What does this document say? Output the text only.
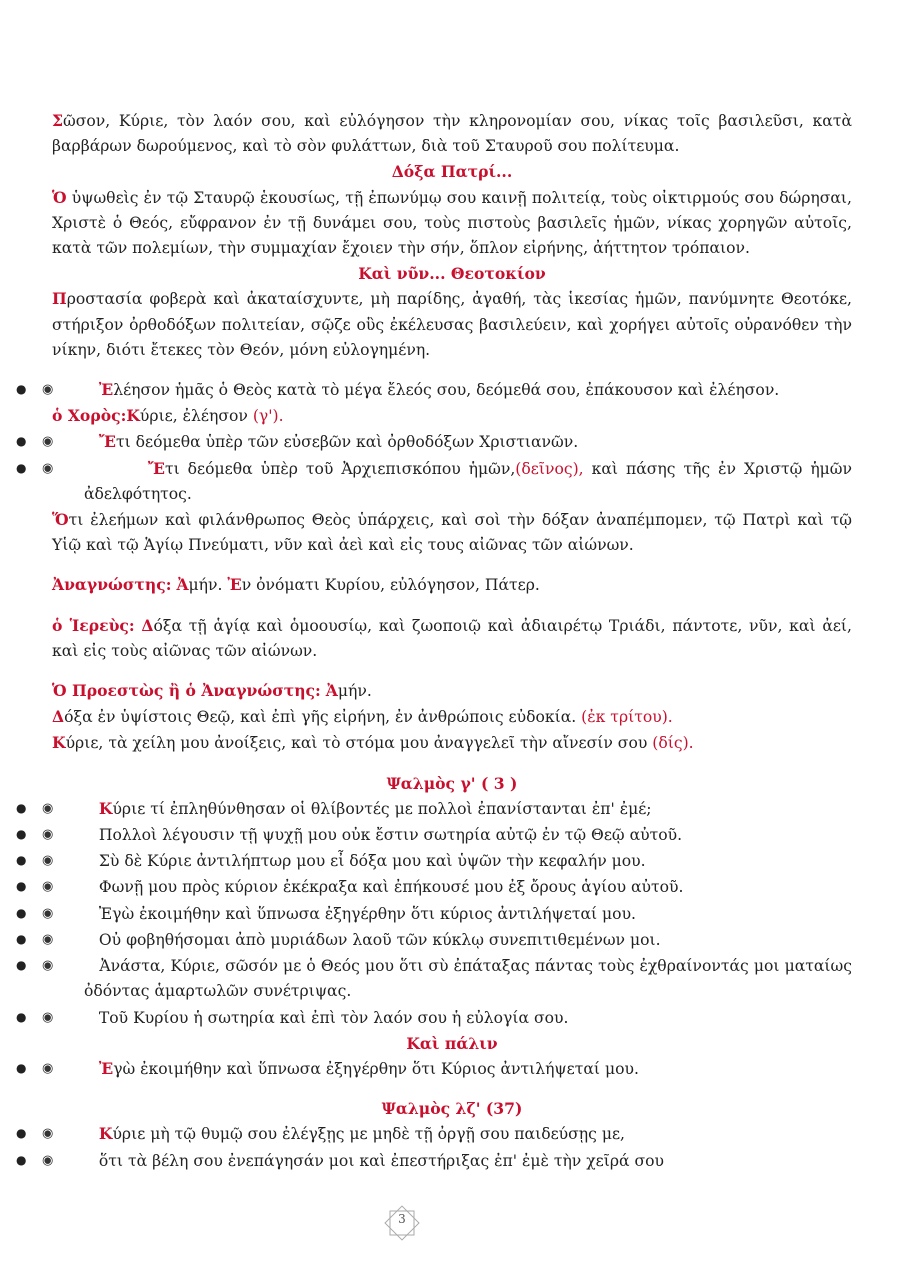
Σῶσον, Κύριε, τὸν λαόν σου, καὶ εὐλόγησον τὴν κληρονομίαν σου, νίκας τοῖς βασιλεῦσι, κατὰ βαρβάρων δωρούμενος, καὶ τὸ σὸν φυλάττων, διὰ τοῦ Σταυροῦ σου πολίτευμα.

Δόξα Πατρί...

Ὁ ὑψωθεὶς ἐν τῷ Σταυρῷ ἑκουσίως, τῇ ἐπωνύμῳ σου καινῇ πολιτείᾳ, τοὺς οἰκτιρμούς σου δώρησαι, Χριστὲ ὁ Θεός, εὔφρανον ἐν τῇ δυνάμει σου, τοὺς πιστοὺς βασιλεῖς ἡμῶν, νίκας χορηγῶν αὐτοῖς, κατὰ τῶν πολεμίων, τὴν συμμαχίαν ἔχοιεν τὴν σήν, ὅπλον εἰρήνης, ἀήττητον τρόπαιον.

Καὶ νῦν... Θεοτοκίον

Προστασία φοβερὰ καὶ ἀκαταίσχυντε, μὴ παρίδης, ἀγαθή, τὰς ἱκεσίας ἡμῶν, πανύμνητε Θεοτόκε, στήριξον ὀρθοδόξων πολιτείαν, σῷζε οὓς ἐκέλευσας βασιλεύειν, καὶ χορήγει αὐτοῖς οὐρανόθεν τὴν νίκην, διότι ἔτεκες τὸν Θεόν, μόνη εὐλογημένη.

● ◉	Ἐλέησον ἡμᾶς ὁ Θεὸς κατὰ τὸ μέγα ἔλεός σου, δεόμεθά σου, ἐπάκουσον καὶ ἐλέησον.

ὁ Χορὸς:Κύριε, ἐλέησον (γ').

● ◉	Ἔτι δεόμεθα ὑπὲρ τῶν εὐσεβῶν καὶ ὀρθοδόξων Χριστιανῶν.

● ◉	Ἔτι δεόμεθα ὑπὲρ τοῦ Ἀρχιεπισκόπου ἡμῶν,(δεῖνος), καὶ πάσης τῆς ἐν Χριστῷ ἡμῶν ἀδελφότητος.

Ὅτι ἐλεήμων καὶ φιλάνθρωπος Θεὸς ὑπάρχεις, καὶ σοὶ τὴν δόξαν ἀναπέμπομεν, τῷ Πατρὶ καὶ τῷ Υἱῷ καὶ τῷ Ἁγίῳ Πνεύματι, νῦν καὶ ἀεὶ καὶ εἰς τους αἰῶνας τῶν αἰώνων.

Ἀναγνώστης: Ἀμήν. Ἐν ὀνόματι Κυρίου, εὐλόγησον, Πάτερ.

ὁ Ἱερεὺς: Δόξα τῇ ἁγίᾳ καὶ ὁμοουσίῳ, καὶ ζωοποιῷ καὶ ἀδιαιρέτῳ Τριάδι, πάντοτε, νῦν, καὶ ἀεί, καὶ εἰς τοὺς αἰῶνας τῶν αἰώνων.

Ὁ Προεστὼς ἢ ὁ Ἀναγνώστης: Ἀμήν.

Δόξα ἐν ὑψίστοις Θεῷ, καὶ ἐπὶ γῆς εἰρήνη, ἐν ἀνθρώποις εὐδοκία. (ἐκ τρίτου).

Κύριε, τὰ χείλη μου ἀνοίξεις, καὶ τὸ στόμα μου ἀναγγελεῖ τὴν αἴνεσίν σου (δίς).

Ψαλμὸς γ' ( 3 )

● ◉	Κύριε τί ἐπληθύνθησαν οἱ θλίβοντές με πολλοὶ ἐπανίστανται ἐπ' ἐμέ;

● ◉	Πολλοὶ λέγουσιν τῇ ψυχῇ μου οὐκ ἔστιν σωτηρία αὐτῷ ἐν τῷ Θεῷ αὐτοῦ.

● ◉	Σὺ δὲ Κύριε ἀντιλήπτωρ μου εἶ δόξα μου καὶ ὑψῶν τὴν κεφαλήν μου.

● ◉	Φωνῇ μου πρὸς κύριον ἐκέκραξα καὶ ἐπήκουσέ μου ἐξ ὄρους ἁγίου αὐτοῦ.

● ◉	Ἐγὼ ἐκοιμήθην καὶ ὕπνωσα ἐξηγέρθην ὅτι κύριος ἀντιλήψεταί μου.

● ◉	Οὐ φοβηθήσομαι ἀπὸ μυριάδων λαοῦ τῶν κύκλῳ συνεπιτιθεμένων μοι.

● ◉	Ἀνάστα, Κύριε, σῶσόν με ὁ Θεός μου ὅτι σὺ ἐπάταξας πάντας τοὺς ἐχθραίνοντάς μοι ματαίως ὀδόντας ἁμαρτωλῶν συνέτριψας.

● ◉	Τοῦ Κυρίου ἡ σωτηρία καὶ ἐπὶ τὸν λαόν σου ἡ εὐλογία σου.

Καὶ πάλιν

● ◉	Ἐγὼ ἐκοιμήθην καὶ ὕπνωσα ἐξηγέρθην ὅτι Κύριος ἀντιλήψεταί μου.

Ψαλμὸς λζ' (37)

● ◉	Κύριε μὴ τῷ θυμῷ σου ἐλέγξῃς με μηδὲ τῇ ὀργῇ σου παιδεύσῃς με,

● ◉	ὅτι τὰ βέλη σου ἐνεπάγησάν μοι καὶ ἐπεστήριξας ἐπ' ἐμὲ τὴν χεῖρά σου

3
